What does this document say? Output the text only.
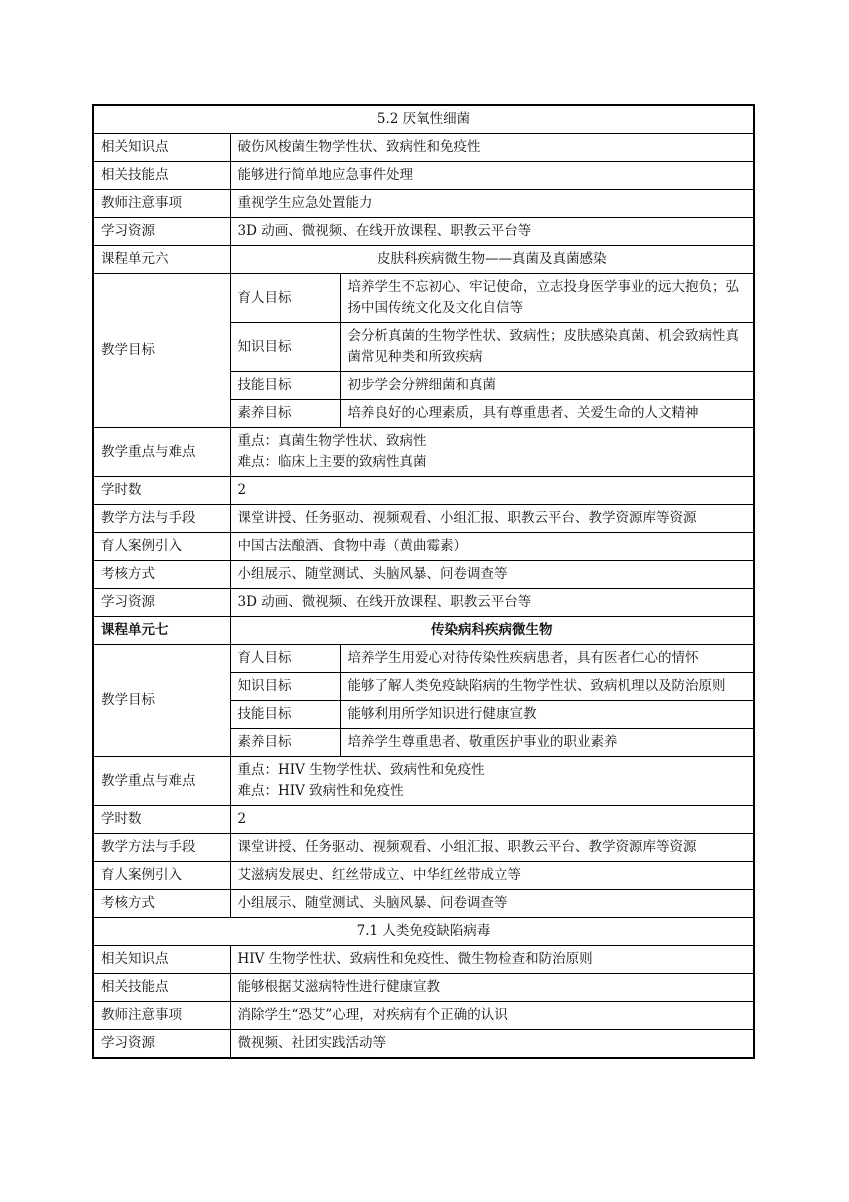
5.2 厌氧性细菌		
相关知识点	破伤风梭菌生物学性状、致病性和免疫性	
相关技能点	能够进行简单地应急事件处理	
教师注意事项	重视学生应急处置能力	
学习资源	3D 动画、微视频、在线开放课程、职教云平台等	
课程单元六	皮肤科疾病微生物——真菌及真菌感染	
教学目标	育人目标	培养学生不忘初心、牢记使命，立志投身医学事业的远大抱负；弘扬中国传统文化及文化自信等
	知识目标	会分析真菌的生物学性状、致病性；皮肤感染真菌、机会致病性真菌常见种类和所致疾病
	技能目标	初步学会分辨细菌和真菌
	素养目标	培养良好的心理素质，具有尊重患者、关爱生命的人文精神
教学重点与难点	重点：真菌生物学性状、致病性
难点：临床上主要的致病性真菌	

学时数	2	
教学方法与手段	课堂讲授、任务驱动、视频观看、小组汇报、职教云平台、教学资源库等资源	
育人案例引入	中国古法酿酒、食物中毒（黄曲霉素）	
考核方式	小组展示、随堂测试、头脑风暴、问卷调查等	
学习资源	3D 动画、微视频、在线开放课程、职教云平台等	
课程单元七	传染病科疾病微生物	
教学目标	育人目标	培养学生用爱心对待传染性疾病患者，具有医者仁心的情怀
	知识目标	能够了解人类免疫缺陷病的生物学性状、致病机理以及防治原则
	技能目标	能够利用所学知识进行健康宣教
	素养目标	培养学生尊重患者、敬重医护事业的职业素养
教学重点与难点	重点：HIV 生物学性状、致病性和免疫性
难点：HIV 致病性和免疫性	

学时数	2	
教学方法与手段	课堂讲授、任务驱动、视频观看、小组汇报、职教云平台、教学资源库等资源	
育人案例引入	艾滋病发展史、红丝带成立、中华红丝带成立等	
考核方式	小组展示、随堂测试、头脑风暴、问卷调查等	
7.1 人类免疫缺陷病毒		
相关知识点	HIV 生物学性状、致病性和免疫性、微生物检查和防治原则	
相关技能点	能够根据艾滋病特性进行健康宣教	
教师注意事项	消除学生“恐艾”心理，对疾病有个正确的认识	
学习资源	微视频、社团实践活动等	
